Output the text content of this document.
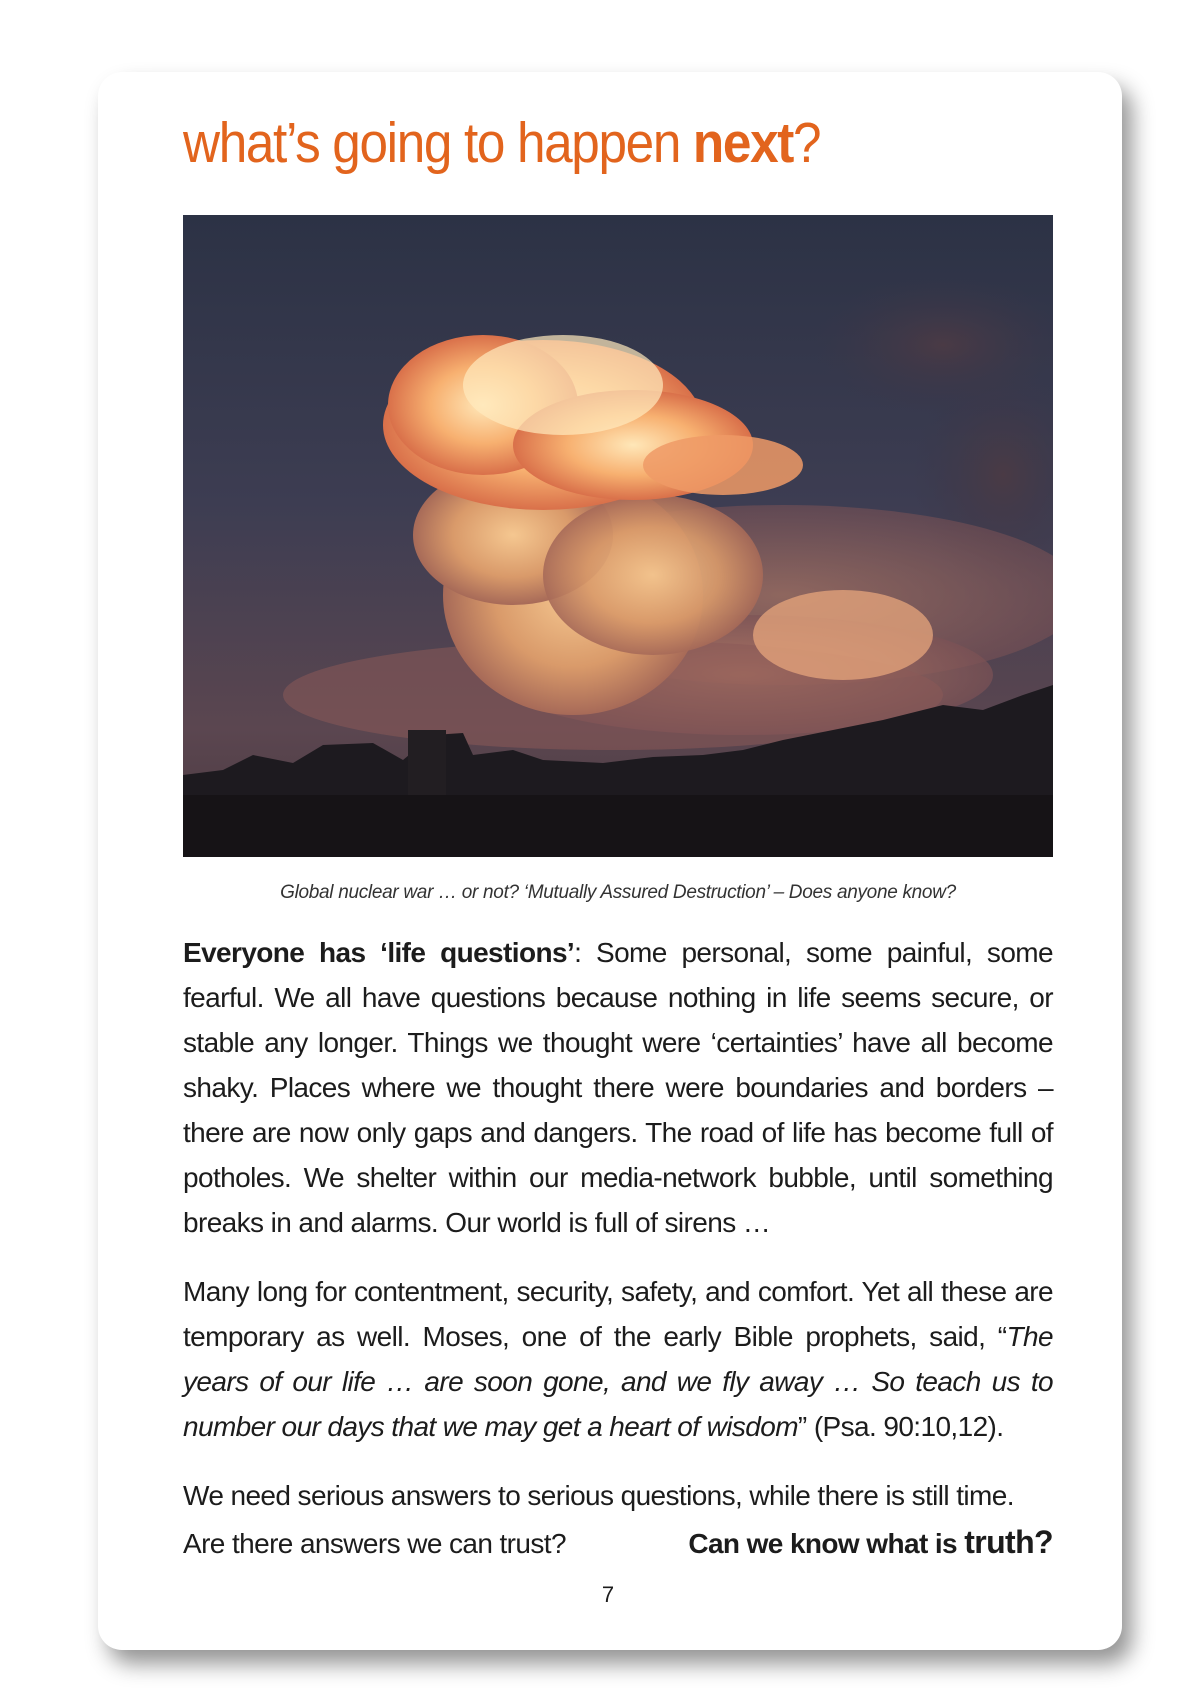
what’s going to happen next?
Global nuclear war … or not? ‘Mutually Assured Destruction’ – Does anyone know?

Everyone has ‘life questions’: Some personal, some painful, some fearful. We all have questions because nothing in life seems secure, or stable any longer. Things we thought were ‘certainties’ have all become shaky. Places where we thought there were boundaries and borders – there are now only gaps and dangers. The road of life has become full of potholes. We shelter within our media-network bubble, until something breaks in and alarms. Our world is full of sirens …

Many long for contentment, security, safety, and comfort. Yet all these are temporary as well. Moses, one of the early Bible prophets, said, “The years of our life … are soon gone, and we fly away … So teach us to number our days that we may get a heart of wisdom” (Psa. 90:10,12).

We need serious answers to serious questions, while there is still time.

Are there answers we can trust?	Can we know what is truth?
7
